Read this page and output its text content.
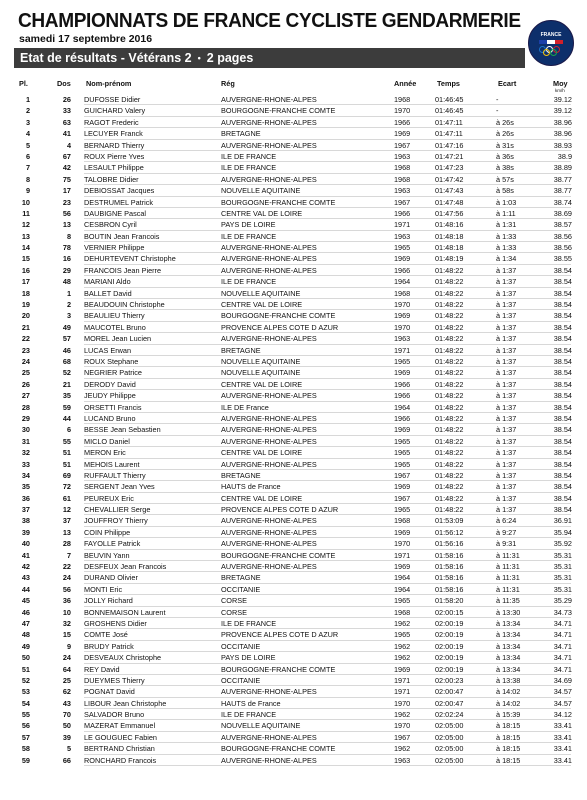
CHAMPIONNATS DE FRANCE CYCLISTE GENDARMERIE
samedi 17 septembre 2016
Etat de résultats - Vétérans 2 • 2 pages
FRANCE
Pl.	Dos Nom-prénom	Rég	Année	Temps	Ecart	Moy
km/h
1	26 DUFOSSE Didier	AUVERGNE-RHONE-ALPES	1968	01:46:45	-	39.12
2	33 GUICHARD Valery	BOURGOGNE-FRANCHE COMTE	1970	01:46:45	-	39.12
3	63 RAGOT Frederic	AUVERGNE-RHONE-ALPES	1966	01:47:11	à 26s	38.96
4	41 LECUYER Franck	BRETAGNE	1969	01:47:11	à 26s	38.96
5	4 BERNARD Thierry	AUVERGNE-RHONE-ALPES	1967	01:47:16	à 31s	38.93
6	67 ROUX Pierre Yves	ILE DE FRANCE	1963	01:47:21	à 36s	38.9
7	42 LESAULT Philippe	ILE DE FRANCE	1968	01:47:23	à 38s	38.89
8	75 TALOBRE Didier	AUVERGNE-RHONE-ALPES	1968	01:47:42	à 57s	38.77
9	17 DEBIOSSAT Jacques	NOUVELLE AQUITAINE	1963	01:47:43	à 58s	38.77
10	23 DESTRUMEL Patrick	BOURGOGNE-FRANCHE COMTE	1967	01:47:48	à 1:03	38.74
11	56 DAUBIGNE Pascal	CENTRE VAL DE LOIRE	1966	01:47:56	à 1:11	38.69
12	13 CESBRON Cyril	PAYS DE LOIRE	1971	01:48:16	à 1:31	38.57
13	8 BOUTIN Jean Francois	ILE DE FRANCE	1963	01:48:18	à 1:33	38.56
14	78 VERNIER Philippe	AUVERGNE-RHONE-ALPES	1965	01:48:18	à 1:33	38.56
15	16 DEHURTEVENT Christophe	AUVERGNE-RHONE-ALPES	1969	01:48:19	à 1:34	38.55
16	29 FRANCOIS Jean Pierre	AUVERGNE-RHONE-ALPES	1966	01:48:22	à 1:37	38.54
17	48 MARIANI Aldo	ILE DE FRANCE	1964	01:48:22	à 1:37	38.54
18	1 BALLET David	NOUVELLE AQUITAINE	1968	01:48:22	à 1:37	38.54
19	2 BEAUDOUIN Christophe	CENTRE VAL DE LOIRE	1970	01:48:22	à 1:37	38.54
20	3 BEAULIEU Thierry	BOURGOGNE-FRANCHE COMTE	1969	01:48:22	à 1:37	38.54
21	49 MAUCOTEL Bruno	PROVENCE ALPES COTE D AZUR	1970	01:48:22	à 1:37	38.54
22	57 MOREL Jean Lucien	AUVERGNE-RHONE-ALPES	1963	01:48:22	à 1:37	38.54
23	46 LUCAS Erwan	BRETAGNE	1971	01:48:22	à 1:37	38.54
24	68 ROUX Stephane	NOUVELLE AQUITAINE	1965	01:48:22	à 1:37	38.54
25	52 NEGRIER Patrice	NOUVELLE AQUITAINE	1969	01:48:22	à 1:37	38.54
26	21 DERODY David	CENTRE VAL DE LOIRE	1966	01:48:22	à 1:37	38.54
27	35 JEUDY Philippe	AUVERGNE-RHONE-ALPES	1966	01:48:22	à 1:37	38.54
28	59 ORSETTI Francis	ILE DE France	1964	01:48:22	à 1:37	38.54
29	44 LUCAND Bruno	AUVERGNE-RHONE-ALPES	1966	01:48:22	à 1:37	38.54
30	6 BESSE Jean Sebastien	AUVERGNE-RHONE-ALPES	1969	01:48:22	à 1:37	38.54
31	55 MICLO Daniel	AUVERGNE-RHONE-ALPES	1965	01:48:22	à 1:37	38.54
32	51 MERON Eric	CENTRE VAL DE LOIRE	1965	01:48:22	à 1:37	38.54
33	51 MEHOIS Laurent	AUVERGNE-RHONE-ALPES	1965	01:48:22	à 1:37	38.54
34	69 RUFFAULT Thierry	BRETAGNE	1967	01:48:22	à 1:37	38.54
35	72 SERGENT Jean Yves	HAUTS de France	1969	01:48:22	à 1:37	38.54
36	61 PEUREUX Eric	CENTRE VAL DE LOIRE	1967	01:48:22	à 1:37	38.54
37	12 CHEVALLIER Serge	PROVENCE ALPES COTE D AZUR	1965	01:48:22	à 1:37	38.54
38	37 JOUFFROY Thierry	AUVERGNE-RHONE-ALPES	1968	01:53:09	à 6:24	36.91
39	13 COIN Philippe	AUVERGNE-RHONE-ALPES	1969	01:56:12	à 9:27	35.94
40	28 FAYOLLE Patrick	AUVERGNE-RHONE-ALPES	1970	01:56:16	à 9:31	35.92
41	7 BEUVIN Yann	BOURGOGNE-FRANCHE COMTE	1971	01:58:16	à 11:31	35.31
42	22 DESFEUX Jean Francois	AUVERGNE-RHONE-ALPES	1969	01:58:16	à 11:31	35.31
43	24 DURAND Olivier	BRETAGNE	1964	01:58:16	à 11:31	35.31
44	56 MONTI Eric	OCCITANIE	1964	01:58:16	à 11:31	35.31
45	36 JOLLY Richard	CORSE	1965	01:58:20	à 11:35	35.29
46	10 BONNEMAISON Laurent	CORSE	1968	02:00:15	à 13:30	34.73
47	32 GROSHENS Didier	ILE DE FRANCE	1962	02:00:19	à 13:34	34.71
48	15 COMTE José	PROVENCE ALPES COTE D AZUR	1965	02:00:19	à 13:34	34.71
49	9 BRUDY Patrick	OCCITANIE	1962	02:00:19	à 13:34	34.71
50	24 DESVEAUX Christophe	PAYS DE LOIRE	1962	02:00:19	à 13:34	34.71
51	64 REY David	BOURGOGNE-FRANCHE COMTE	1969	02:00:19	à 13:34	34.71
52	25 DUEYMES Thierry	OCCITANIE	1971	02:00:23	à 13:38	34.69
53	62 POGNAT David	AUVERGNE-RHONE-ALPES	1971	02:00:47	à 14:02	34.57
54	43 LIBOUR Jean Christophe	HAUTS de France	1970	02:00:47	à 14:02	34.57
55	70 SALVADOR Bruno	ILE DE FRANCE	1962	02:02:24	à 15:39	34.12
56	50 MAZERAT Emmanuel	NOUVELLE AQUITAINE	1970	02:05:00	à 18:15	33.41
57	39 LE GOUGUEC Fabien	AUVERGNE-RHONE-ALPES	1967	02:05:00	à 18:15	33.41
58	5 BERTRAND Christian	BOURGOGNE-FRANCHE COMTE	1962	02:05:00	à 18:15	33.41
59	66 RONCHARD Francois	AUVERGNE-RHONE-ALPES	1963	02:05:00	à 18:15	33.41
